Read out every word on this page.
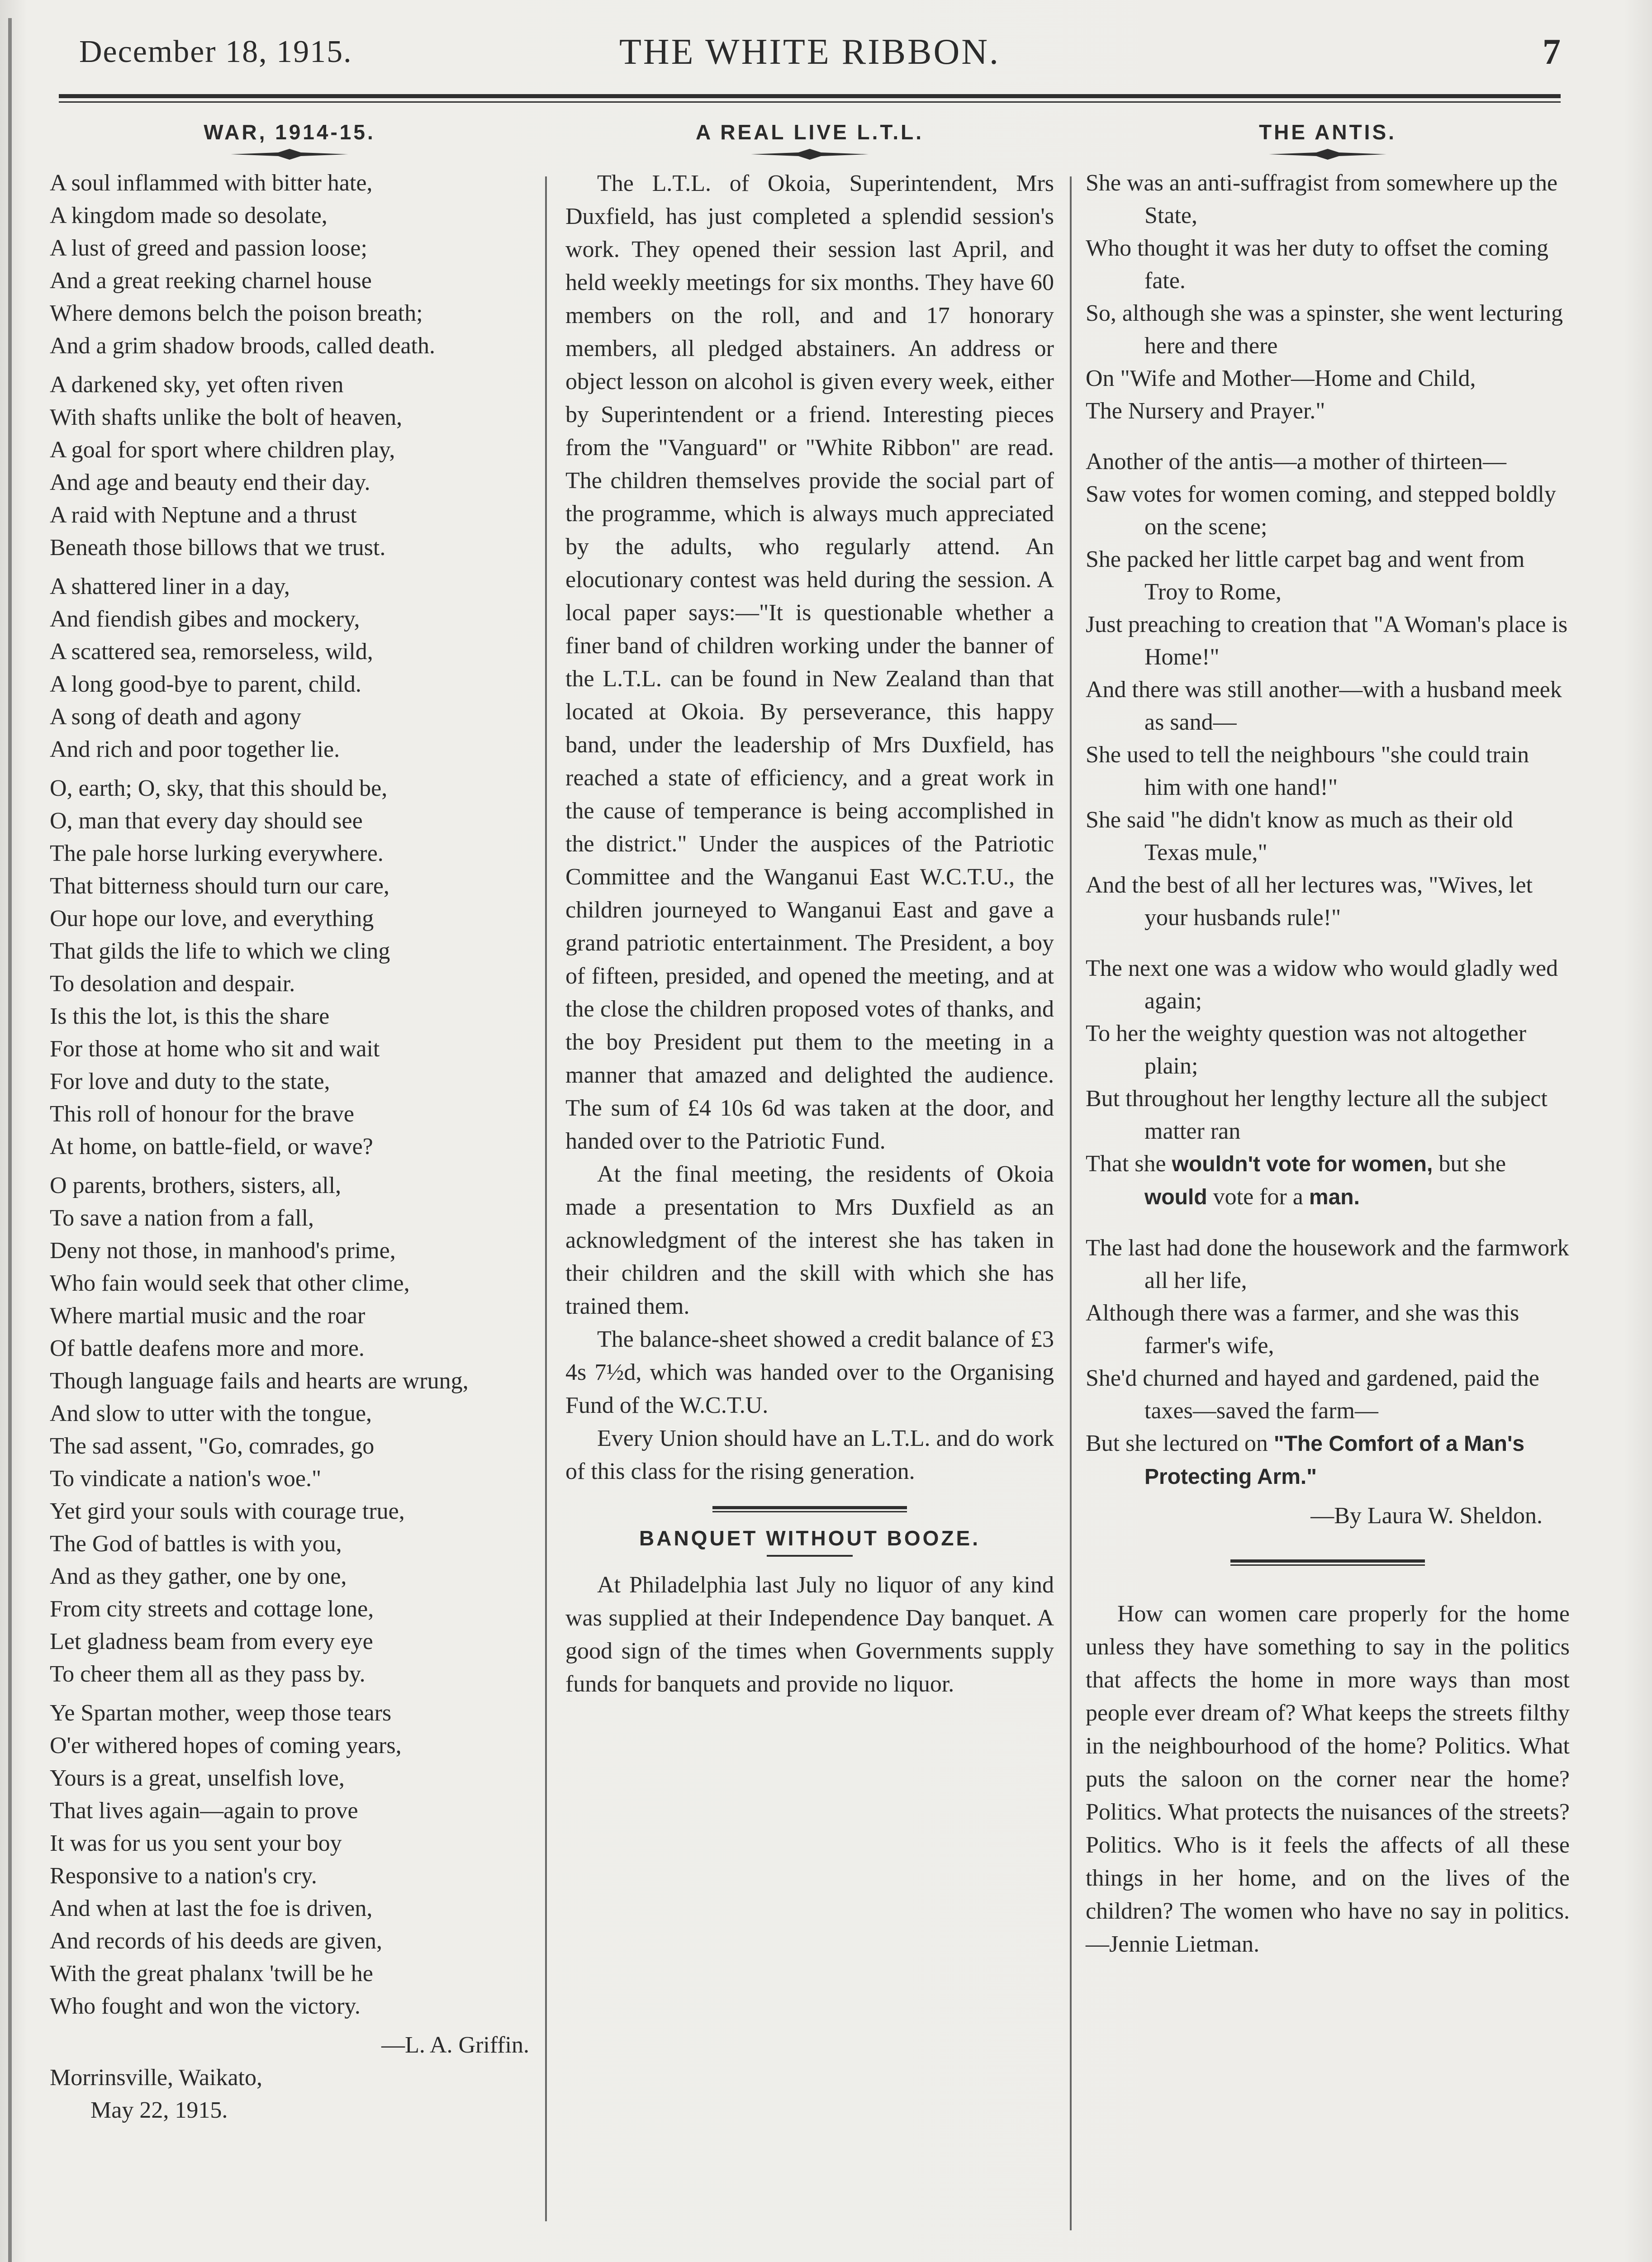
December 18, 1915.	THE WHITE RIBBON.	7
WAR, 1914-15.
A soul inflammed with bitter hate,
A kingdom made so desolate,
A lust of greed and passion loose;
And a great reeking charnel house
Where demons belch the poison breath;
And a grim shadow broods, called death.
A darkened sky, yet often riven
With shafts unlike the bolt of heaven,
A goal for sport where children play,
And age and beauty end their day.
A raid with Neptune and a thrust
Beneath those billows that we trust.
A shattered liner in a day,
And fiendish gibes and mockery,
A scattered sea, remorseless, wild,
A long good-bye to parent, child.
A song of death and agony
And rich and poor together lie.
O, earth; O, sky, that this should be,
O, man that every day should see
The pale horse lurking everywhere.
That bitterness should turn our care,
Our hope our love, and everything
That gilds the life to which we cling
To desolation and despair.
Is this the lot, is this the share
For those at home who sit and wait
For love and duty to the state,
This roll of honour for the brave
At home, on battle-field, or wave?
O parents, brothers, sisters, all,
To save a nation from a fall,
Deny not those, in manhood's prime,
Who fain would seek that other clime,
Where martial music and the roar
Of battle deafens more and more.
Though language fails and hearts are wrung,
And slow to utter with the tongue,
The sad assent, "Go, comrades, go
To vindicate a nation's woe."
Yet gird your souls with courage true,
The God of battles is with you,
And as they gather, one by one,
From city streets and cottage lone,
Let gladness beam from every eye
To cheer them all as they pass by.
Ye Spartan mother, weep those tears
O'er withered hopes of coming years,
Yours is a great, unselfish love,
That lives again—again to prove
It was for us you sent your boy
Responsive to a nation's cry.
And when at last the foe is driven,
And records of his deeds are given,
With the great phalanx 'twill be he
Who fought and won the victory.
—L. A. Griffin.
Morrinsville, Waikato,
May 22, 1915.
A REAL LIVE L.T.L.

The L.T.L. of Okoia, Superintendent, Mrs Duxfield, has just completed a splendid session's work. They opened their session last April, and held weekly meetings for six months. They have 60 members on the roll, and and 17 honorary members, all pledged abstainers. An address or object lesson on alcohol is given every week, either by Superintendent or a friend. Interesting pieces from the "Vanguard" or "White Ribbon" are read. The children themselves provide the social part of the programme, which is always much appreciated by the adults, who regularly attend. An elocutionary contest was held during the session. A local paper says:—"It is questionable whether a finer band of children working under the banner of the L.T.L. can be found in New Zealand than that located at Okoia. By perseverance, this happy band, under the leadership of Mrs Duxfield, has reached a state of efficiency, and a great work in the cause of temperance is being accomplished in the district." Under the auspices of the Patriotic Committee and the Wanganui East W.C.T.U., the children journeyed to Wanganui East and gave a grand patriotic entertainment. The President, a boy of fifteen, presided, and opened the meeting, and at the close the children proposed votes of thanks, and the boy President put them to the meeting in a manner that amazed and delighted the audience. The sum of £4 10s 6d was taken at the door, and handed over to the Patriotic Fund.

At the final meeting, the residents of Okoia made a presentation to Mrs Duxfield as an acknowledgment of the interest she has taken in their children and the skill with which she has trained them.

The balance-sheet showed a credit balance of £3 4s 7½d, which was handed over to the Organising Fund of the W.C.T.U.

Every Union should have an L.T.L. and do work of this class for the rising generation.

BANQUET WITHOUT BOOZE.

At Philadelphia last July no liquor of any kind was supplied at their Independence Day banquet. A good sign of the times when Governments supply funds for banquets and provide no liquor.

THE ANTIS.
She was an anti-suffragist from somewhere up the State,
Who thought it was her duty to offset the coming fate.
So, although she was a spinster, she went lecturing here and there
On "Wife and Mother—Home and Child,
The Nursery and Prayer."
Another of the antis—a mother of thirteen—
Saw votes for women coming, and stepped boldly on the scene;
She packed her little carpet bag and went from Troy to Rome,
Just preaching to creation that "A Woman's place is Home!"
And there was still another—with a husband meek as sand—
She used to tell the neighbours "she could train him with one hand!"
She said "he didn't know as much as their old Texas mule,"
And the best of all her lectures was, "Wives, let your husbands rule!"
The next one was a widow who would gladly wed again;
To her the weighty question was not altogether plain;
But throughout her lengthy lecture all the subject matter ran
That she wouldn't vote for women, but she would vote for a man.
The last had done the housework and the farmwork all her life,
Although there was a farmer, and she was this farmer's wife,
She'd churned and hayed and gardened, paid the taxes—saved the farm—
But she lectured on "The Comfort of a Man's Protecting Arm."
—By Laura W. Sheldon.

How can women care properly for the home unless they have something to say in the politics that affects the home in more ways than most people ever dream of? What keeps the streets filthy in the neighbourhood of the home? Politics. What puts the saloon on the corner near the home? Politics. What protects the nuisances of the streets? Politics. Who is it feels the affects of all these things in her home, and on the lives of the children? The women who have no say in politics.—Jennie Lietman.
